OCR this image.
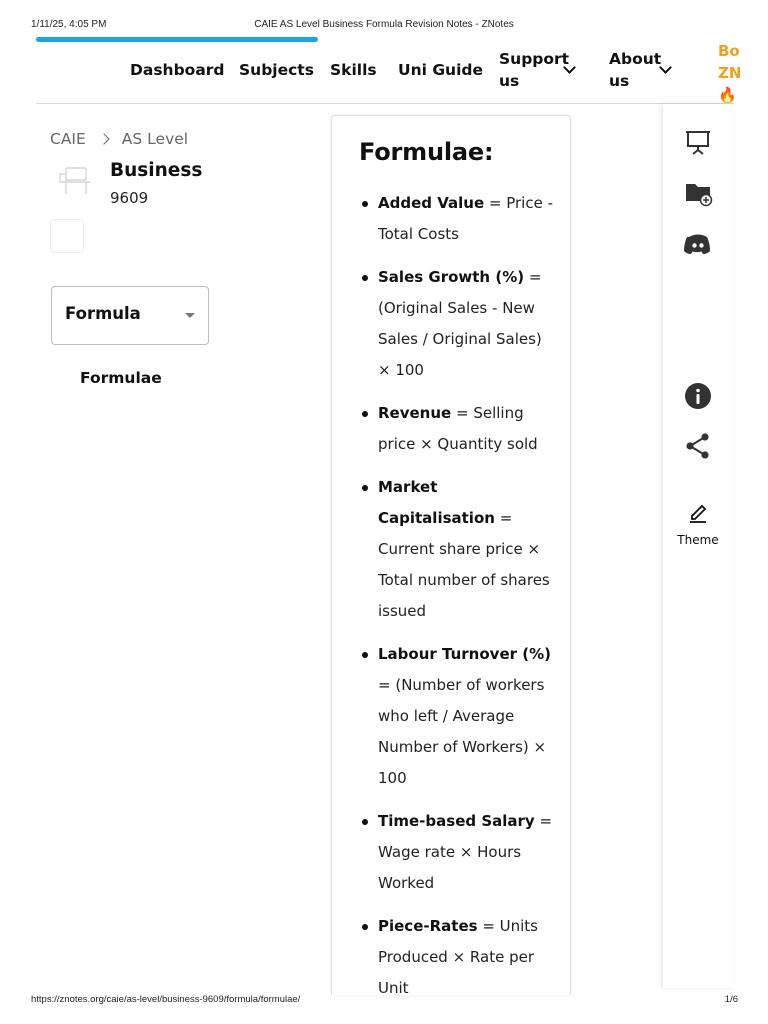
1/11/25, 4:05 PM	CAIE AS Level Business Formula Revision Notes - ZNotes
Dashboard Subjects Skills Uni Guide
Support
us
About
us
Bo
ZN
🔥
CAIE AS Level
Business
9609
Formula
Formulae
Formulae:
Added Value = Price - Total Costs
Sales Growth (%) = (Original Sales - New Sales / Original Sales) × 100
Revenue = Selling price × Quantity sold
Market Capitalisation = Current share price × Total number of shares issued
Labour Turnover (%) = (Number of workers who left / Average Number of Workers) × 100
Time-based Salary = Wage rate × Hours Worked
Piece-Rates = Units Produced × Rate per Unit
Theme
https://znotes.org/caie/as-level/business-9609/formula/formulae/	1/6
